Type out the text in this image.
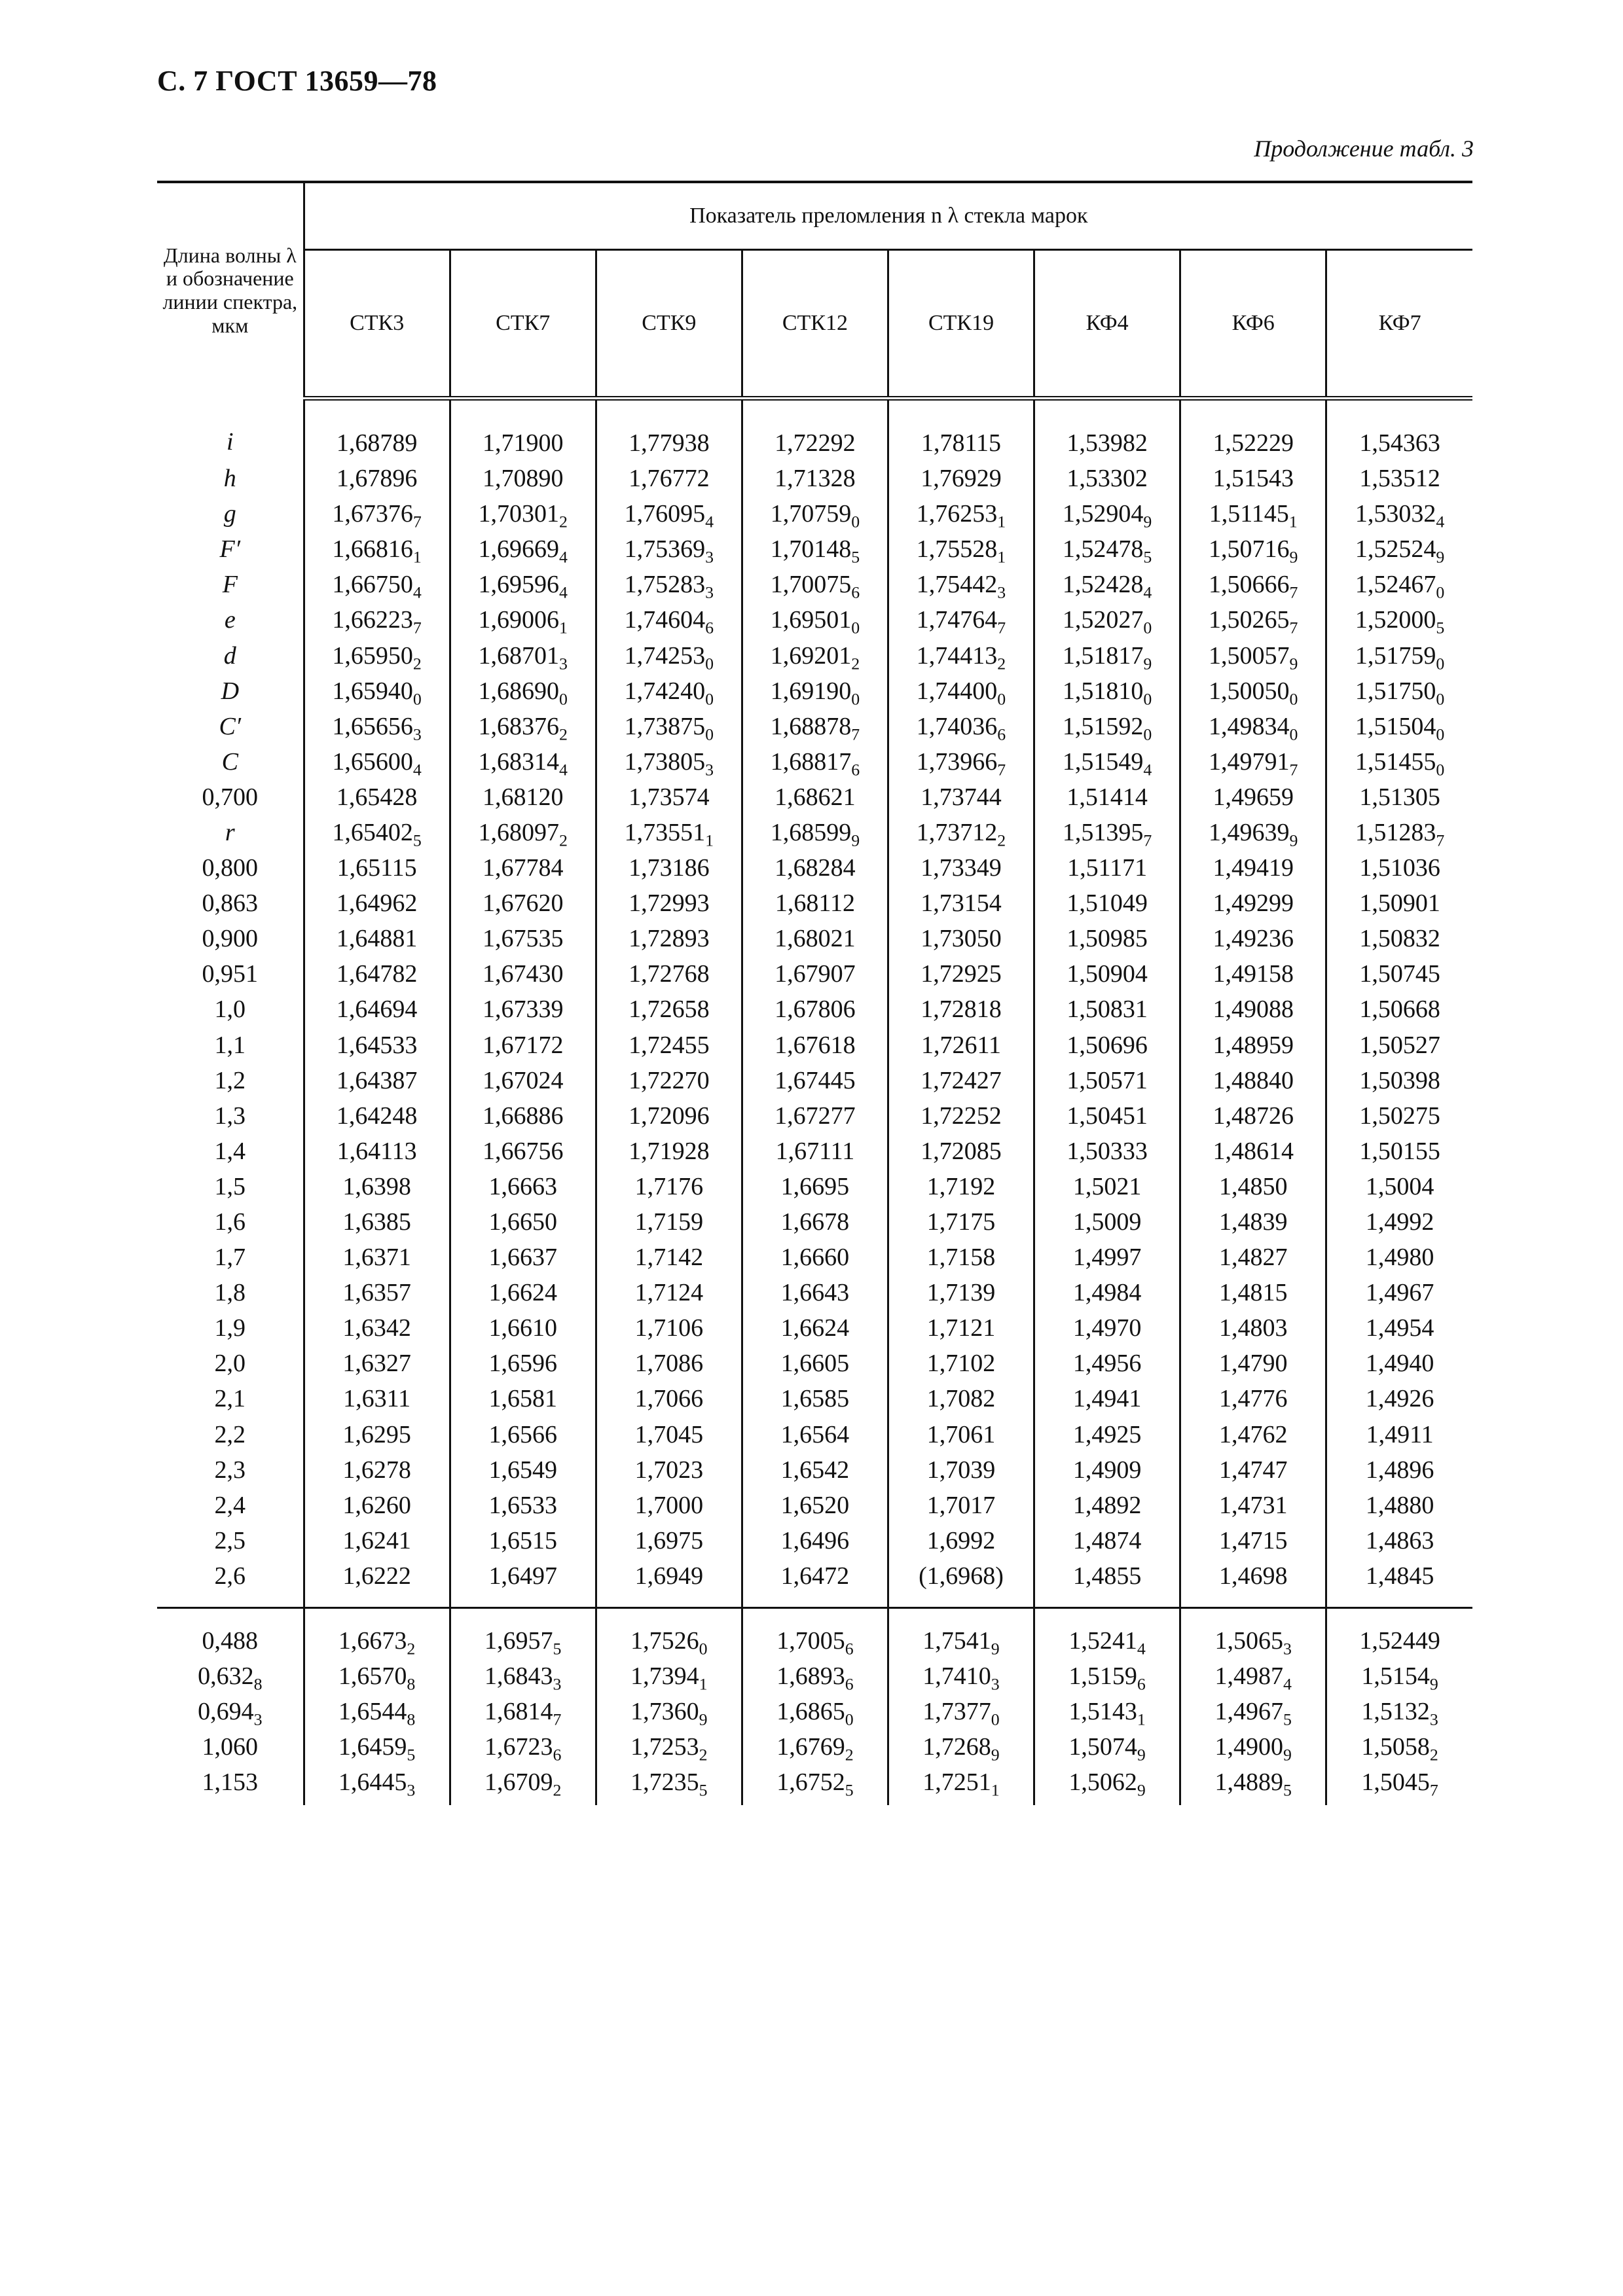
С. 7 ГОСТ 13659—78
Продолжение табл. 3
Длина волны λ и обозначение линии спектра, мкм	Показатель преломления n λ стекла марок							
	СТК3	СТК7	СТК9	СТК12	СТК19	КФ4	КФ6	КФ7
i	1,68789	1,71900	1,77938	1,72292	1,78115	1,53982	1,52229	1,54363
h	1,67896	1,70890	1,76772	1,71328	1,76929	1,53302	1,51543	1,53512
g	$1,67376_7$	$1,70301_2$	$1,76095_4$	$1,70759_0$	$1,76253_1$	$1,52904_9$	$1,51145_1$	$1,53032_4$
F′	$1,66816_1$	$1,69669_4$	$1,75369_3$	$1,70148_5$	$1,75528_1$	$1,52478_5$	$1,50716_9$	$1,52524_9$
F	$1,66750_4$	$1,69596_4$	$1,75283_3$	$1,70075_6$	$1,75442_3$	$1,52428_4$	$1,50666_7$	$1,52467_0$
e	$1,66223_7$	$1,69006_1$	$1,74604_6$	$1,69501_0$	$1,74764_7$	$1,52027_0$	$1,50265_7$	$1,52000_5$
d	$1,65950_2$	$1,68701_3$	$1,74253_0$	$1,69201_2$	$1,74413_2$	$1,51817_9$	$1,50057_9$	$1,51759_0$
D	$1,65940_0$	$1,68690_0$	$1,74240_0$	$1,69190_0$	$1,74400_0$	$1,51810_0$	$1,50050_0$	$1,51750_0$
C′	$1,65656_3$	$1,68376_2$	$1,73875_0$	$1,68878_7$	$1,74036_6$	$1,51592_0$	$1,49834_0$	$1,51504_0$
C	$1,65600_4$	$1,68314_4$	$1,73805_3$	$1,68817_6$	$1,73966_7$	$1,51549_4$	$1,49791_7$	$1,51455_0$
0,700	1,65428	1,68120	1,73574	1,68621	1,73744	1,51414	1,49659	1,51305
r	$1,65402_5$	$1,68097_2$	$1,73551_1$	$1,68599_9$	$1,73712_2$	$1,51395_7$	$1,49639_9$	$1,51283_7$
0,800	1,65115	1,67784	1,73186	1,68284	1,73349	1,51171	1,49419	1,51036
0,863	1,64962	1,67620	1,72993	1,68112	1,73154	1,51049	1,49299	1,50901
0,900	1,64881	1,67535	1,72893	1,68021	1,73050	1,50985	1,49236	1,50832
0,951	1,64782	1,67430	1,72768	1,67907	1,72925	1,50904	1,49158	1,50745
1,0	1,64694	1,67339	1,72658	1,67806	1,72818	1,50831	1,49088	1,50668
1,1	1,64533	1,67172	1,72455	1,67618	1,72611	1,50696	1,48959	1,50527
1,2	1,64387	1,67024	1,72270	1,67445	1,72427	1,50571	1,48840	1,50398
1,3	1,64248	1,66886	1,72096	1,67277	1,72252	1,50451	1,48726	1,50275
1,4	1,64113	1,66756	1,71928	1,67111	1,72085	1,50333	1,48614	1,50155
1,5	1,6398	1,6663	1,7176	1,6695	1,7192	1,5021	1,4850	1,5004
1,6	1,6385	1,6650	1,7159	1,6678	1,7175	1,5009	1,4839	1,4992
1,7	1,6371	1,6637	1,7142	1,6660	1,7158	1,4997	1,4827	1,4980
1,8	1,6357	1,6624	1,7124	1,6643	1,7139	1,4984	1,4815	1,4967
1,9	1,6342	1,6610	1,7106	1,6624	1,7121	1,4970	1,4803	1,4954
2,0	1,6327	1,6596	1,7086	1,6605	1,7102	1,4956	1,4790	1,4940
2,1	1,6311	1,6581	1,7066	1,6585	1,7082	1,4941	1,4776	1,4926
2,2	1,6295	1,6566	1,7045	1,6564	1,7061	1,4925	1,4762	1,4911
2,3	1,6278	1,6549	1,7023	1,6542	1,7039	1,4909	1,4747	1,4896
2,4	1,6260	1,6533	1,7000	1,6520	1,7017	1,4892	1,4731	1,4880
2,5	1,6241	1,6515	1,6975	1,6496	1,6992	1,4874	1,4715	1,4863
2,6	1,6222	1,6497	1,6949	1,6472	(1,6968)	1,4855	1,4698	1,4845
0,488	$1,6673_2$	$1,6957_5$	$1,7526_0$	$1,7005_6$	$1,7541_9$	$1,5241_4$	$1,5065_3$	1,52449
$0,632_8$	$1,6570_8$	$1,6843_3$	$1,7394_1$	$1,6893_6$	$1,7410_3$	$1,5159_6$	$1,4987_4$	$1,5154_9$
$0,694_3$	$1,6544_8$	$1,6814_7$	$1,7360_9$	$1,6865_0$	$1,7377_0$	$1,5143_1$	$1,4967_5$	$1,5132_3$
1,060	$1,6459_5$	$1,6723_6$	$1,7253_2$	$1,6769_2$	$1,7268_9$	$1,5074_9$	$1,4900_9$	$1,5058_2$
1,153	$1,6445_3$	$1,6709_2$	$1,7235_5$	$1,6752_5$	$1,7251_1$	$1,5062_9$	$1,4889_5$	$1,5045_7$
